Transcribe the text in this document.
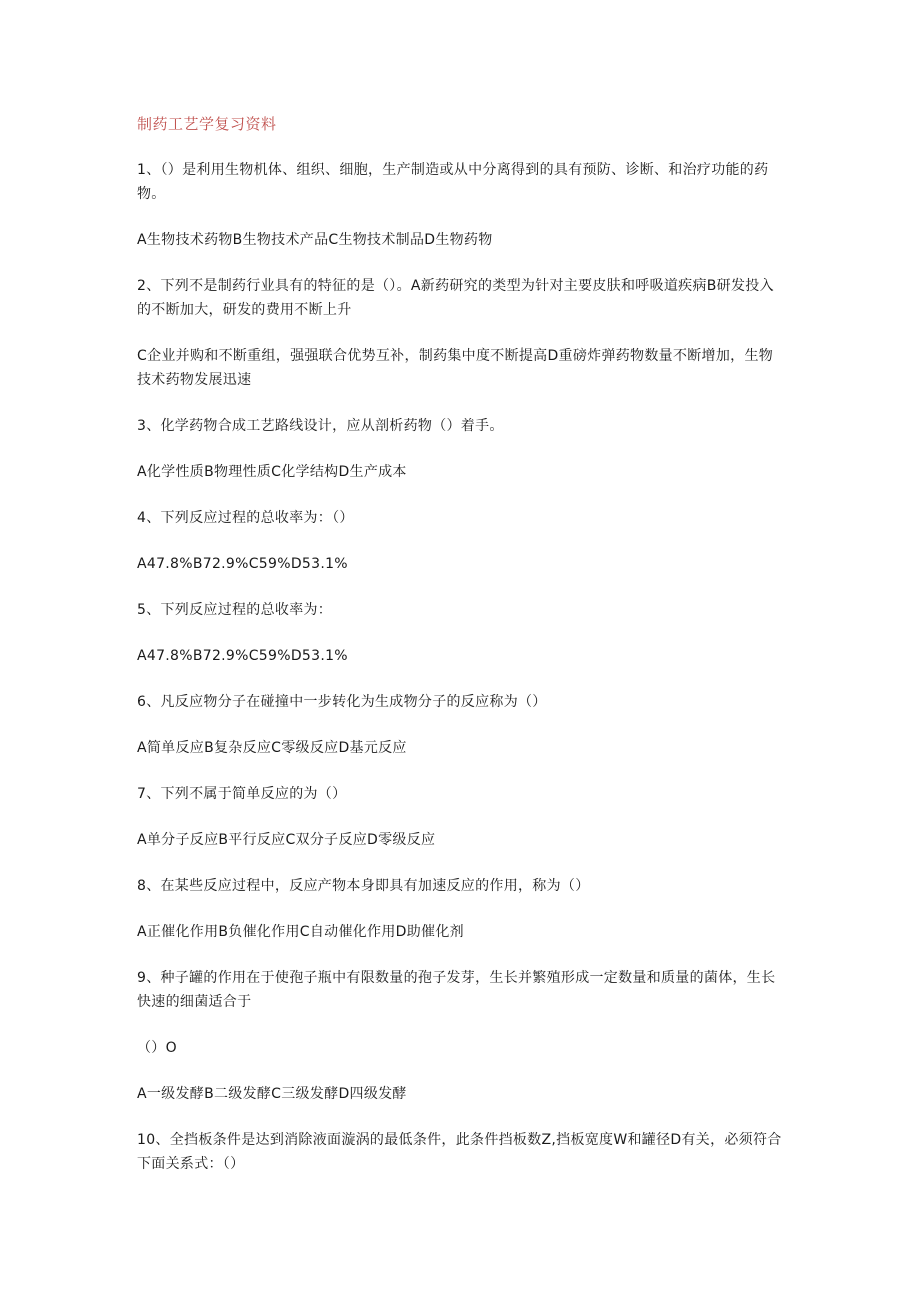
制药工艺学复习资料

1、（）是利用生物机体、组织、细胞，生产制造或从中分离得到的具有预防、诊断、和治疗功能的药物。

A生物技术药物B生物技术产品C生物技术制品D生物药物

2、下列不是制药行业具有的特征的是（）。A新药研究的类型为针对主要皮肤和呼吸道疾病B研发投入的不断加大，研发的费用不断上升

C企业并购和不断重组，强强联合优势互补，制药集中度不断提高D重磅炸弹药物数量不断增加，生物技术药物发展迅速

3、化学药物合成工艺路线设计，应从剖析药物（）着手。

A化学性质B物理性质C化学结构D生产成本

4、下列反应过程的总收率为：（）

A47.8%B72.9%C59%D53.1%

5、下列反应过程的总收率为：

A47.8%B72.9%C59%D53.1%

6、凡反应物分子在碰撞中一步转化为生成物分子的反应称为（）

A简单反应B复杂反应C零级反应D基元反应

7、下列不属于简单反应的为（）

A单分子反应B平行反应C双分子反应D零级反应

8、在某些反应过程中，反应产物本身即具有加速反应的作用，称为（）

A正催化作用B负催化作用C自动催化作用D助催化剂

9、种子罐的作用在于使孢子瓶中有限数量的孢子发芽，生长并繁殖形成一定数量和质量的菌体，生长快速的细菌适合于

（）O

A一级发酵B二级发酵C三级发酵D四级发酵

10、全挡板条件是达到消除液面漩涡的最低条件，此条件挡板数Z,挡板宽度W和罐径D有关，必须符合下面关系式：（）
